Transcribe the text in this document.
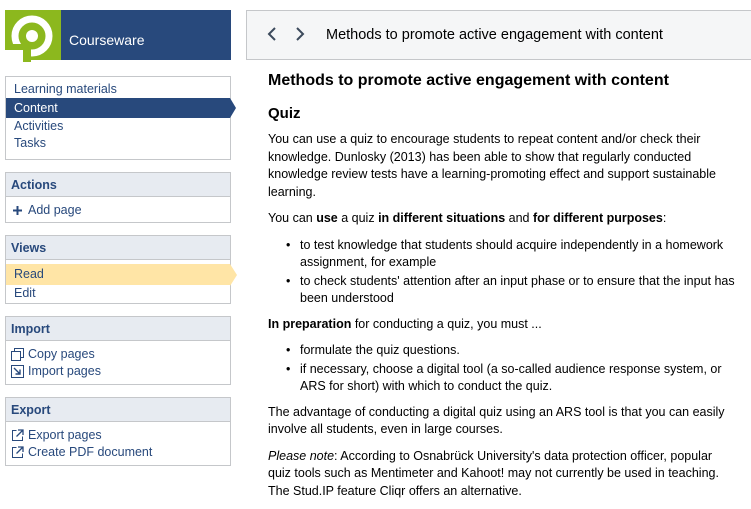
Courseware
Learning materials
Content
Activities
Tasks
Actions
Add page
Views
Read
Edit
Import
Copy pages
Import pages
Export
Export pages
Create PDF document
Methods to promote active engagement with content
Methods to promote active engagement with content
Quiz

You can use a quiz to encourage students to repeat content and/or check their knowledge. Dunlosky (2013) has been able to show that regularly conducted knowledge review tests have a learning-promoting effect and support sustainable learning.

You can use a quiz in different situations and for different purposes:

• to test knowledge that students should acquire independently in a homework assignment, for example
• to check students' attention after an input phase or to ensure that the input has been understood

In preparation for conducting a quiz, you must ...

• formulate the quiz questions.
• if necessary, choose a digital tool (a so-called audience response system, or ARS for short) with which to conduct the quiz.

The advantage of conducting a digital quiz using an ARS tool is that you can easily involve all students, even in large courses.

Please note: According to Osnabrück University's data protection officer, popular quiz tools such as Mentimeter and Kahoot! may not currently be used in teaching. The Stud.IP feature Cliqr offers an alternative.
